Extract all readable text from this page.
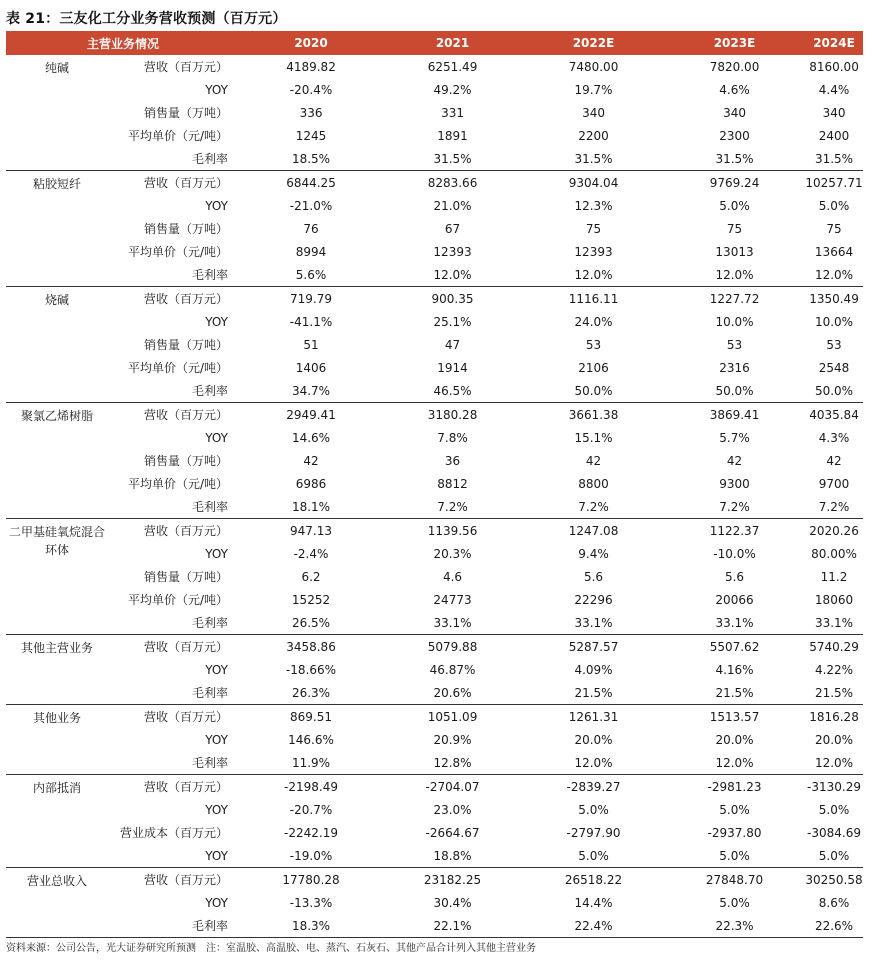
表 21：三友化工分业务营收预测（百万元）
主营业务情况		2020	2021	2022E	2023E	2024E
纯碱	营收（百万元）	4189.82	6251.49	7480.00	7820.00	8160.00
	YOY	-20.4%	49.2%	19.7%	4.6%	4.4%
	销售量（万吨）	336	331	340	340	340
	平均单价（元/吨）	1245	1891	2200	2300	2400
	毛利率	18.5%	31.5%	31.5%	31.5%	31.5%
粘胶短纤	营收（百万元）	6844.25	8283.66	9304.04	9769.24	10257.71
	YOY	-21.0%	21.0%	12.3%	5.0%	5.0%
	销售量（万吨）	76	67	75	75	75
	平均单价（元/吨）	8994	12393	12393	13013	13664
	毛利率	5.6%	12.0%	12.0%	12.0%	12.0%
烧碱	营收（百万元）	719.79	900.35	1116.11	1227.72	1350.49
	YOY	-41.1%	25.1%	24.0%	10.0%	10.0%
	销售量（万吨）	51	47	53	53	53
	平均单价（元/吨）	1406	1914	2106	2316	2548
	毛利率	34.7%	46.5%	50.0%	50.0%	50.0%
聚氯乙烯树脂	营收（百万元）	2949.41	3180.28	3661.38	3869.41	4035.84
	YOY	14.6%	7.8%	15.1%	5.7%	4.3%
	销售量（万吨）	42	36	42	42	42
	平均单价（元/吨）	6986	8812	8800	9300	9700
	毛利率	18.1%	7.2%	7.2%	7.2%	7.2%
二甲基硅氧烷混合环体	营收（百万元）	947.13	1139.56	1247.08	1122.37	2020.26
	YOY	-2.4%	20.3%	9.4%	-10.0%	80.00%
	销售量（万吨）	6.2	4.6	5.6	5.6	11.2
	平均单价（元/吨）	15252	24773	22296	20066	18060
	毛利率	26.5%	33.1%	33.1%	33.1%	33.1%
其他主营业务	营收（百万元）	3458.86	5079.88	5287.57	5507.62	5740.29
	YOY	-18.66%	46.87%	4.09%	4.16%	4.22%
	毛利率	26.3%	20.6%	21.5%	21.5%	21.5%
其他业务	营收（百万元）	869.51	1051.09	1261.31	1513.57	1816.28
	YOY	146.6%	20.9%	20.0%	20.0%	20.0%
	毛利率	11.9%	12.8%	12.0%	12.0%	12.0%
内部抵消	营收（百万元）	-2198.49	-2704.07	-2839.27	-2981.23	-3130.29
	YOY	-20.7%	23.0%	5.0%	5.0%	5.0%
	营业成本（百万元）	-2242.19	-2664.67	-2797.90	-2937.80	-3084.69
	YOY	-19.0%	18.8%	5.0%	5.0%	5.0%
营业总收入	营收（百万元）	17780.28	23182.25	26518.22	27848.70	30250.58
	YOY	-13.3%	30.4%	14.4%	5.0%	8.6%
	毛利率	18.3%	22.1%	22.4%	22.3%	22.6%
资料来源：公司公告，光大证券研究所预测　注：室温胶、高温胶、电、蒸汽、石灰石、其他产品合计列入其他主营业务
